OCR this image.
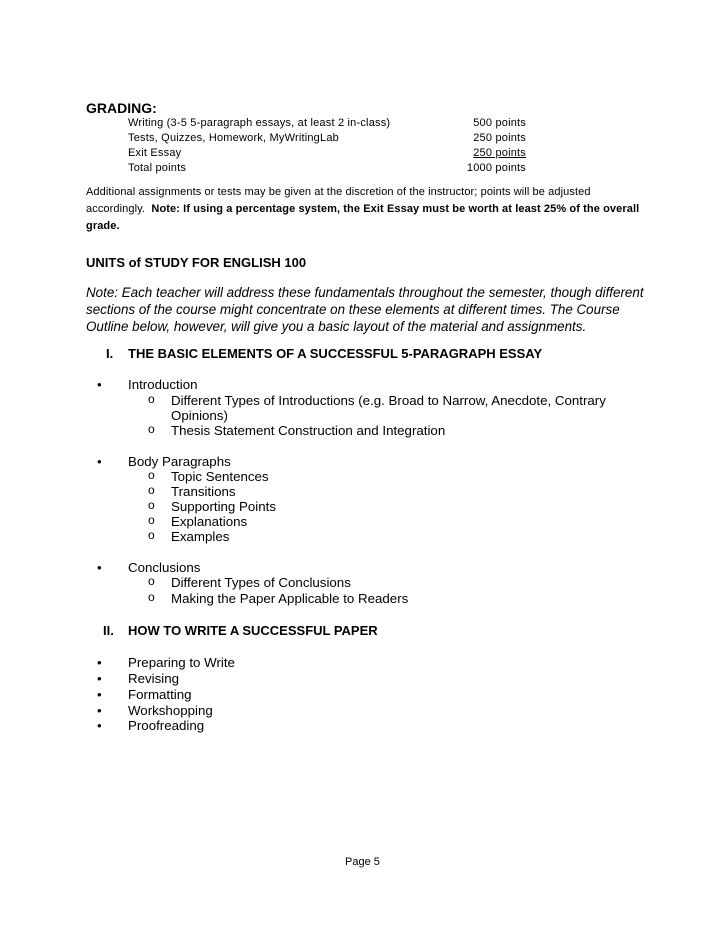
GRADING:
Writing (3-5 5-paragraph essays, at least 2 in-class)	500 points
Tests, Quizzes, Homework, MyWritingLab	250 points
Exit Essay	250 points
Total points	1000 points
Additional assignments or tests may be given at the discretion of the instructor; points will be adjusted accordingly. Note: If using a percentage system, the Exit Essay must be worth at least 25% of the overall grade.
UNITS of STUDY FOR ENGLISH 100
Note: Each teacher will address these fundamentals throughout the semester, though different sections of the course might concentrate on these elements at different times. The Course Outline below, however, will give you a basic layout of the material and assignments.
I. THE BASIC ELEMENTS OF A SUCCESSFUL 5-PARAGRAPH ESSAY
• Introduction
o Different Types of Introductions (e.g. Broad to Narrow, Anecdote, Contrary Opinions)
o Thesis Statement Construction and Integration
• Body Paragraphs
o Topic Sentences
o Transitions
o Supporting Points
o Explanations
o Examples
• Conclusions
o Different Types of Conclusions
o Making the Paper Applicable to Readers
II. HOW TO WRITE A SUCCESSFUL PAPER
• Preparing to Write
• Revising
• Formatting
• Workshopping
• Proofreading
Page 5
